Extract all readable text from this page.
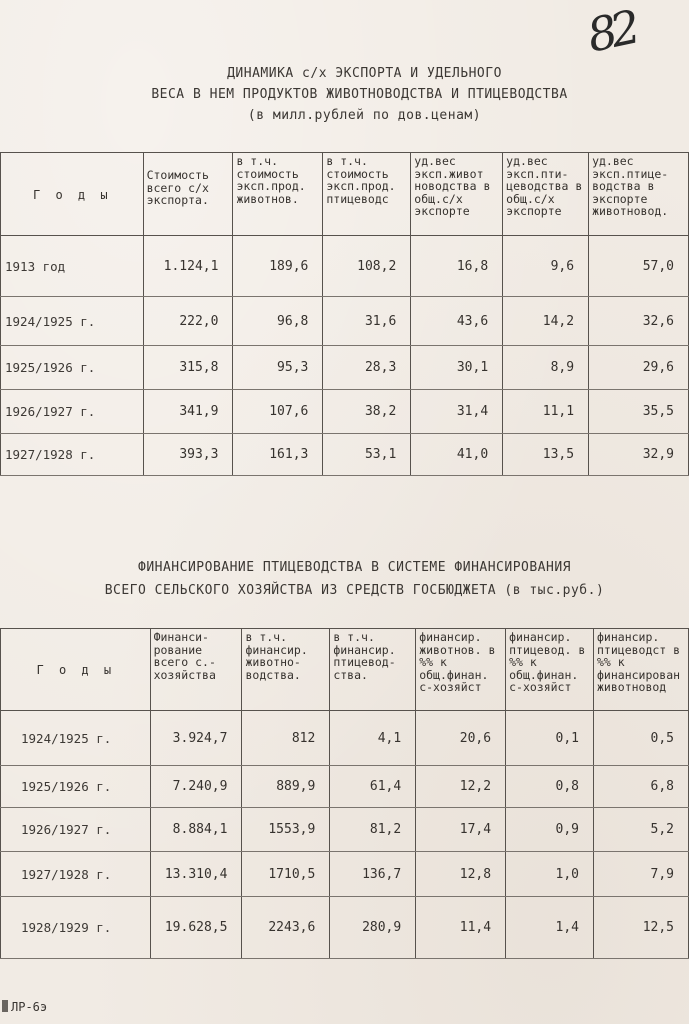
82
ДИНАМИКА с/х ЭКСПОРТА И УДЕЛЬНОГО
ВЕСА В НЕМ ПРОДУКТОВ ЖИВОТНОВОДСТВА И ПТИЦЕВОДСТВА
(в милл.рублей по дов.ценам)
Г о д ы	Стоимость всего с/х экспорта.	в т.ч. стоимость эксп.прод. животнов.	в т.ч. стоимость эксп.прод. птицеводс	уд.вес эксп.живот новодства в общ.с/х экспорте	уд.вес эксп.пти- цеводства в общ.с/х экспорте	уд.вес эксп.птице- водства в экспорте животновод.
1913 год	1.124,1	189,6	108,2	16,8	9,6	57,0
1924/1925 г.	222,0	96,8	31,6	43,6	14,2	32,6
1925/1926 г.	315,8	95,3	28,3	30,1	8,9	29,6
1926/1927 г.	341,9	107,6	38,2	31,4	11,1	35,5
1927/1928 г.	393,3	161,3	53,1	41,0	13,5	32,9
ФИНАНСИРОВАНИЕ ПТИЦЕВОДСТВА В СИСТЕМЕ ФИНАНСИРОВАНИЯ
ВСЕГО СЕЛЬСКОГО ХОЗЯЙСТВА ИЗ СРЕДСТВ ГОСБЮДЖЕТА (в тыс.руб.)
Г о д ы	Финанси- рование всего с.- хозяйства	в т.ч. финансир. животно- водства.	в т.ч. финансир. птицевод- ства.	финансир. животнов. в %% к общ.финан. с-хозяйст	финансир. птицевод. в %% к общ.финан. с-хозяйст	финансир. птицеводст в %% к финансирован животновод
1924/1925 г.	3.924,7	812	4,1	20,6	0,1	0,5
1925/1926 г.	7.240,9	889,9	61,4	12,2	0,8	6,8
1926/1927 г.	8.884,1	1553,9	81,2	17,4	0,9	5,2
1927/1928 г.	13.310,4	1710,5	136,7	12,8	1,0	7,9
1928/1929 г.	19.628,5	2243,6	280,9	11,4	1,4	12,5
ЛР-6э
